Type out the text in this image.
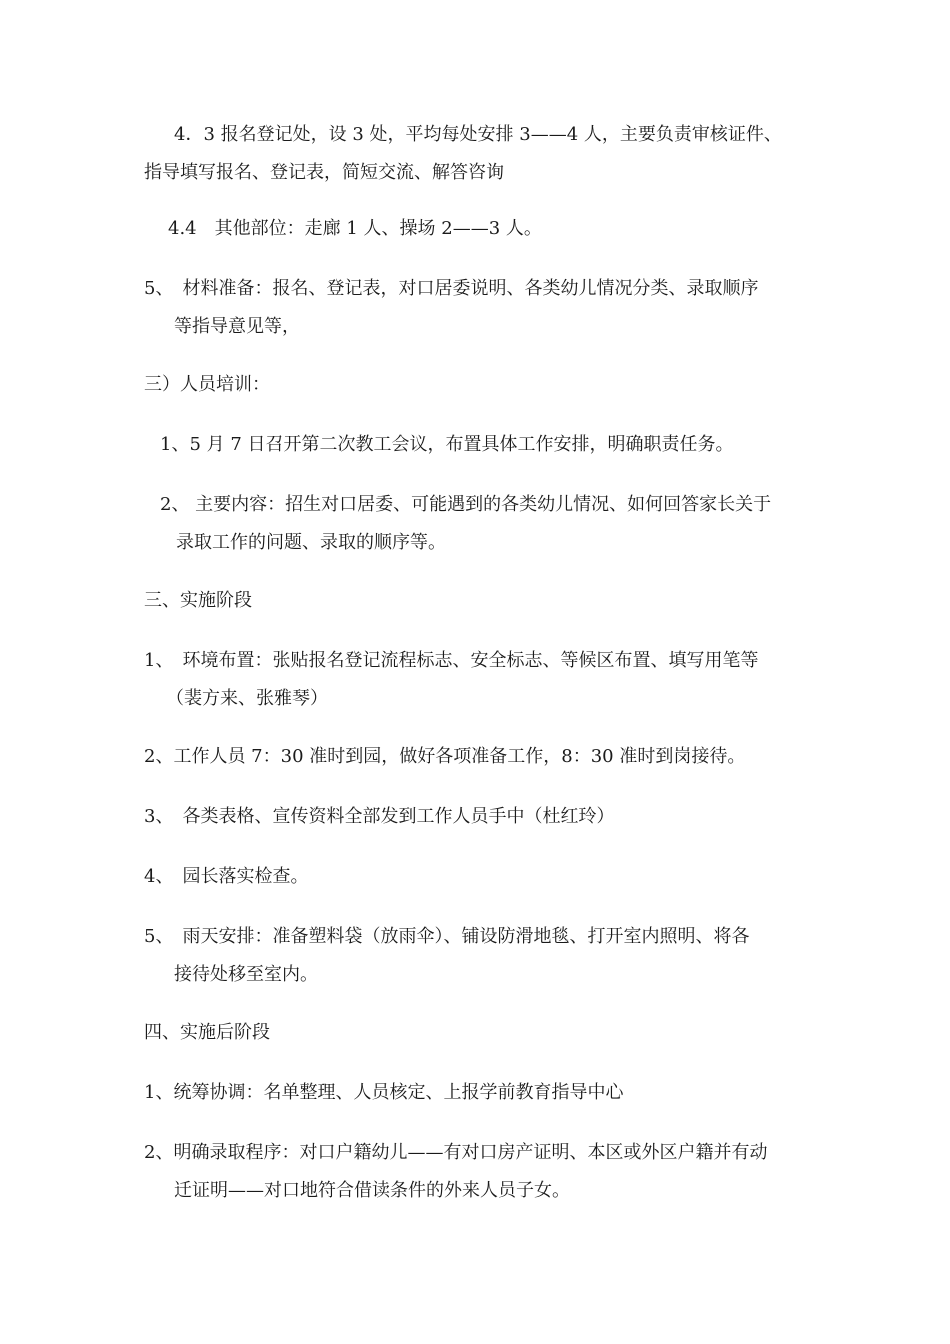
4．3 报名登记处，设 3 处，平均每处安排 3——4 人，主要负责审核证件、
指导填写报名、登记表，简短交流、解答咨询
4.4　其他部位：走廊 1 人、操场 2——3 人。
5、　材料准备：报名、登记表，对口居委说明、各类幼儿情况分类、录取顺序
等指导意见等，
三）人员培训：
1、5 月 7 日召开第二次教工会议，布置具体工作安排，明确职责任务。
2、 主要内容：招生对口居委、可能遇到的各类幼儿情况、如何回答家长关于
录取工作的问题、录取的顺序等。
三、实施阶段
1、　环境布置：张贴报名登记流程标志、安全标志、等候区布置、填写用笔等
（裴方来、张雅琴）
2、工作人员 7：30 准时到园，做好各项准备工作，8：30 准时到岗接待。
3、　各类表格、宣传资料全部发到工作人员手中（杜红玲）
4、　园长落实检查。
5、　雨天安排：准备塑料袋（放雨伞）、铺设防滑地毯、打开室内照明、将各
接待处移至室内。
四、实施后阶段
1、统筹协调：名单整理、人员核定、上报学前教育指导中心
2、明确录取程序：对口户籍幼儿——有对口房产证明、本区或外区户籍并有动
迁证明——对口地符合借读条件的外来人员子女。
